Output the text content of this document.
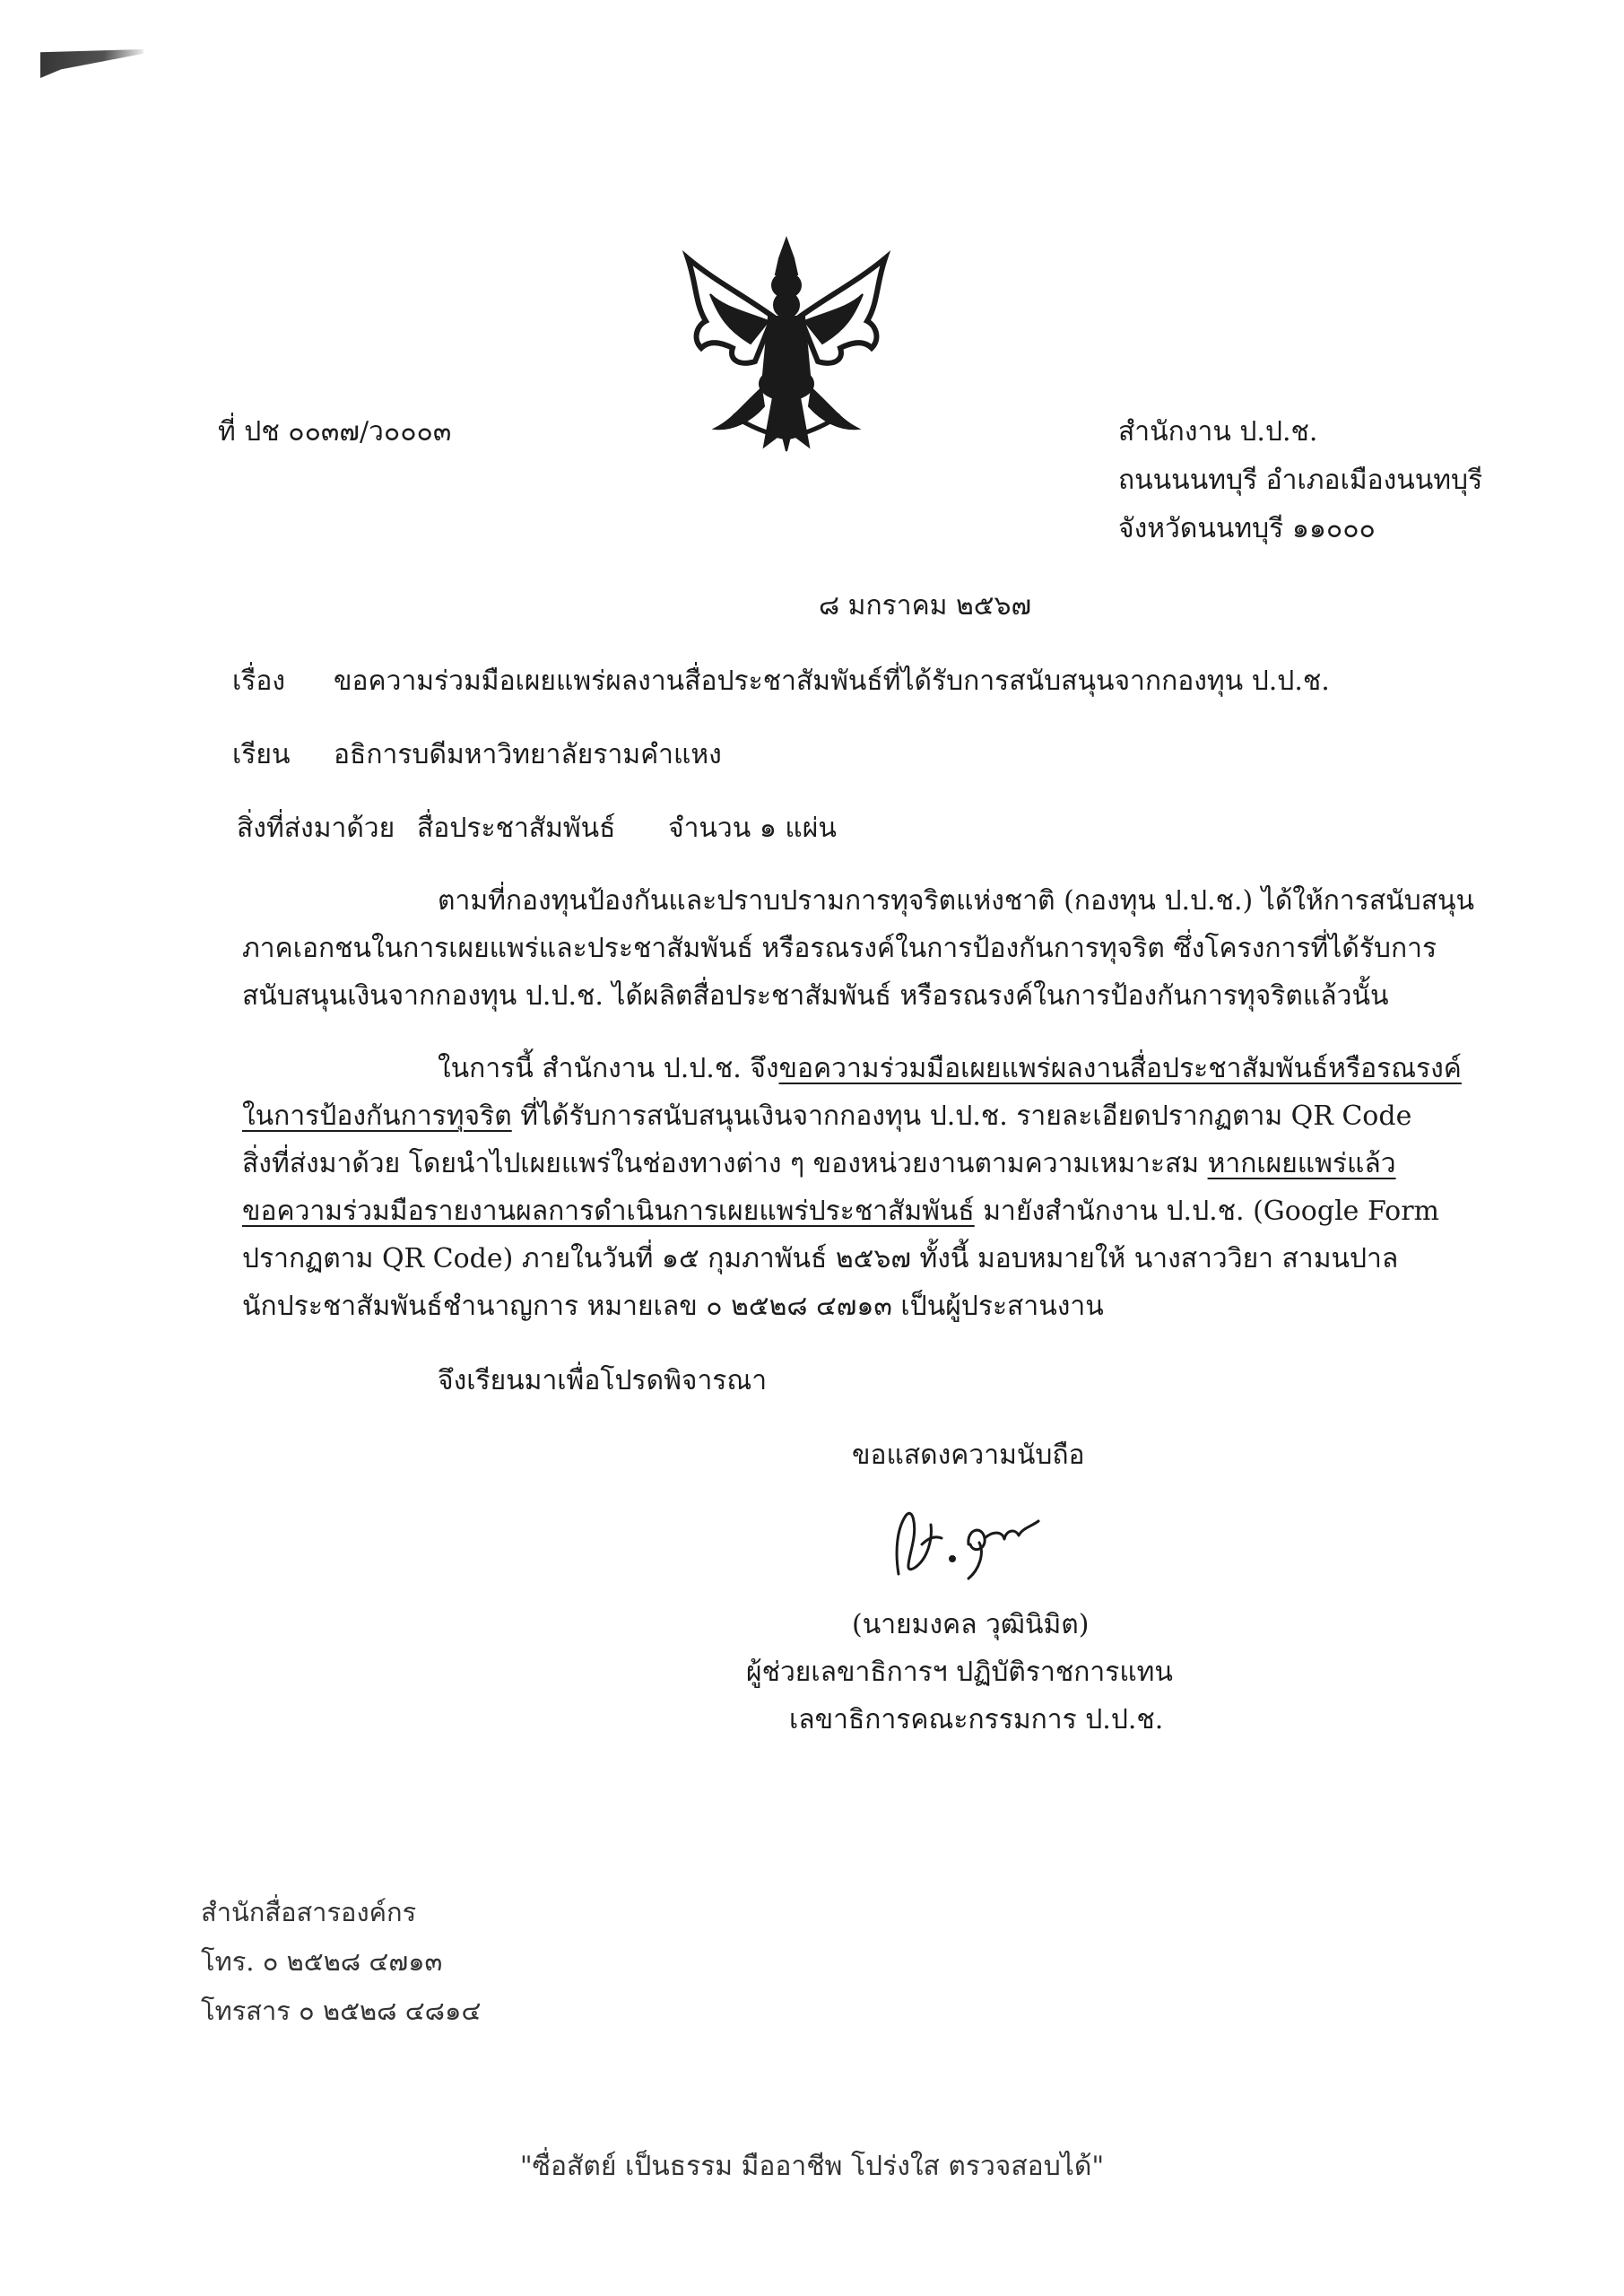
ที่ ปช ๐๐๓๗/ว๐๐๐๓	สำนักงาน ป.ป.ช.
ถนนนนทบุรี อำเภอเมืองนนทบุรี
จังหวัดนนทบุรี ๑๑๐๐๐
๘ มกราคม ๒๕๖๗
เรื่อง ขอความร่วมมือเผยแพร่ผลงานสื่อประชาสัมพันธ์ที่ได้รับการสนับสนุนจากกองทุน ป.ป.ช.
เรียน อธิการบดีมหาวิทยาลัยรามคำแหง
สิ่งที่ส่งมาด้วย สื่อประชาสัมพันธ์ จำนวน ๑ แผ่น
ตามที่กองทุนป้องกันและปราบปรามการทุจริตแห่งชาติ (กองทุน ป.ป.ช.) ได้ให้การสนับสนุน
ภาคเอกชนในการเผยแพร่และประชาสัมพันธ์ หรือรณรงค์ในการป้องกันการทุจริต ซึ่งโครงการที่ได้รับการ
สนับสนุนเงินจากกองทุน ป.ป.ช. ได้ผลิตสื่อประชาสัมพันธ์ หรือรณรงค์ในการป้องกันการทุจริตแล้วนั้น
ในการนี้ สำนักงาน ป.ป.ช. จึงขอความร่วมมือเผยแพร่ผลงานสื่อประชาสัมพันธ์หรือรณรงค์
ในการป้องกันการทุจริต ที่ได้รับการสนับสนุนเงินจากกองทุน ป.ป.ช. รายละเอียดปรากฏตาม QR Code
สิ่งที่ส่งมาด้วย โดยนำไปเผยแพร่ในช่องทางต่าง ๆ ของหน่วยงานตามความเหมาะสม หากเผยแพร่แล้ว
ขอความร่วมมือรายงานผลการดำเนินการเผยแพร่ประชาสัมพันธ์ มายังสำนักงาน ป.ป.ช. (Google Form
ปรากฏตาม QR Code) ภายในวันที่ ๑๕ กุมภาพันธ์ ๒๕๖๗ ทั้งนี้ มอบหมายให้ นางสาววิยา สามนปาล
นักประชาสัมพันธ์ชำนาญการ หมายเลข ๐ ๒๕๒๘ ๔๗๑๓ เป็นผู้ประสานงาน
จึงเรียนมาเพื่อโปรดพิจารณา
ขอแสดงความนับถือ
(นายมงคล วุฒินิมิต)
ผู้ช่วยเลขาธิการฯ ปฏิบัติราชการแทน
เลขาธิการคณะกรรมการ ป.ป.ช.
สำนักสื่อสารองค์กร
โทร. ๐ ๒๕๒๘ ๔๗๑๓
โทรสาร ๐ ๒๕๒๘ ๔๘๑๔
"ซื่อสัตย์ เป็นธรรม มืออาชีพ โปร่งใส ตรวจสอบได้"
